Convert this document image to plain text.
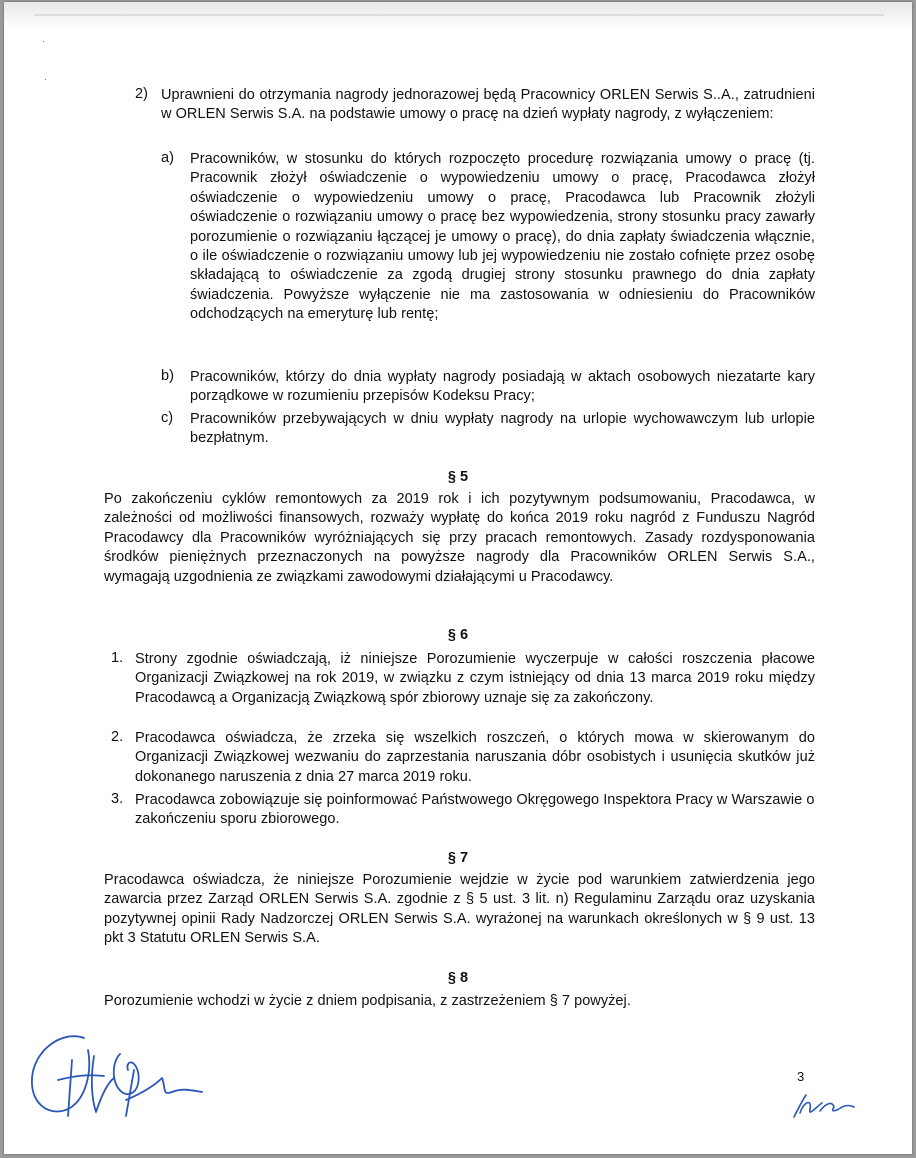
·
·
2) Uprawnieni do otrzymania nagrody jednorazowej będą Pracownicy ORLEN Serwis S..A., zatrudnieni w ORLEN Serwis S.A. na podstawie umowy o pracę na dzień wypłaty nagrody, z wyłączeniem:
a) Pracowników, w stosunku do których rozpoczęto procedurę rozwiązania umowy o pracę (tj. Pracownik złożył oświadczenie o wypowiedzeniu umowy o pracę, Pracodawca złożył oświadczenie o wypowiedzeniu umowy o pracę, Pracodawca lub Pracownik złożyli oświadczenie o rozwiązaniu umowy o pracę bez wypowiedzenia, strony stosunku pracy zawarły porozumienie o rozwiązaniu łączącej je umowy o pracę), do dnia zapłaty świadczenia włącznie, o ile oświadczenie o rozwiązaniu umowy lub jej wypowiedzeniu nie zostało cofnięte przez osobę składającą to oświadczenie za zgodą drugiej strony stosunku prawnego do dnia zapłaty świadczenia. Powyższe wyłączenie nie ma zastosowania w odniesieniu do Pracowników odchodzących na emeryturę lub rentę;
b) Pracowników, którzy do dnia wypłaty nagrody posiadają w aktach osobowych niezatarte kary porządkowe w rozumieniu przepisów Kodeksu Pracy;
c) Pracowników przebywających w dniu wypłaty nagrody na urlopie wychowawczym lub urlopie bezpłatnym.
§ 5
Po zakończeniu cyklów remontowych za 2019 rok i ich pozytywnym podsumowaniu, Pracodawca, w zależności od możliwości finansowych, rozważy wypłatę do końca 2019 roku nagród z Funduszu Nagród Pracodawcy dla Pracowników wyróżniających się przy pracach remontowych. Zasady rozdysponowania środków pieniężnych przeznaczonych na powyższe nagrody dla Pracowników ORLEN Serwis S.A., wymagają uzgodnienia ze związkami zawodowymi działającymi u Pracodawcy.
§ 6
1. Strony zgodnie oświadczają, iż niniejsze Porozumienie wyczerpuje w całości roszczenia płacowe Organizacji Związkowej na rok 2019, w związku z czym istniejący od dnia 13 marca 2019 roku między Pracodawcą a Organizacją Związkową spór zbiorowy uznaje się za zakończony.
2. Pracodawca oświadcza, że zrzeka się wszelkich roszczeń, o których mowa w skierowanym do Organizacji Związkowej wezwaniu do zaprzestania naruszania dóbr osobistych i usunięcia skutków już dokonanego naruszenia z dnia 27 marca 2019 roku.
3. Pracodawca zobowiązuje się poinformować Państwowego Okręgowego Inspektora Pracy w Warszawie o zakończeniu sporu zbiorowego.
§ 7
Pracodawca oświadcza, że niniejsze Porozumienie wejdzie w życie pod warunkiem zatwierdzenia jego zawarcia przez Zarząd ORLEN Serwis S.A. zgodnie z § 5 ust. 3 lit. n) Regulaminu Zarządu oraz uzyskania pozytywnej opinii Rady Nadzorczej ORLEN Serwis S.A. wyrażonej na warunkach określonych w § 9 ust. 13 pkt 3 Statutu ORLEN Serwis S.A.
§ 8
Porozumienie wchodzi w życie z dniem podpisania, z zastrzeżeniem § 7 powyżej.
3
